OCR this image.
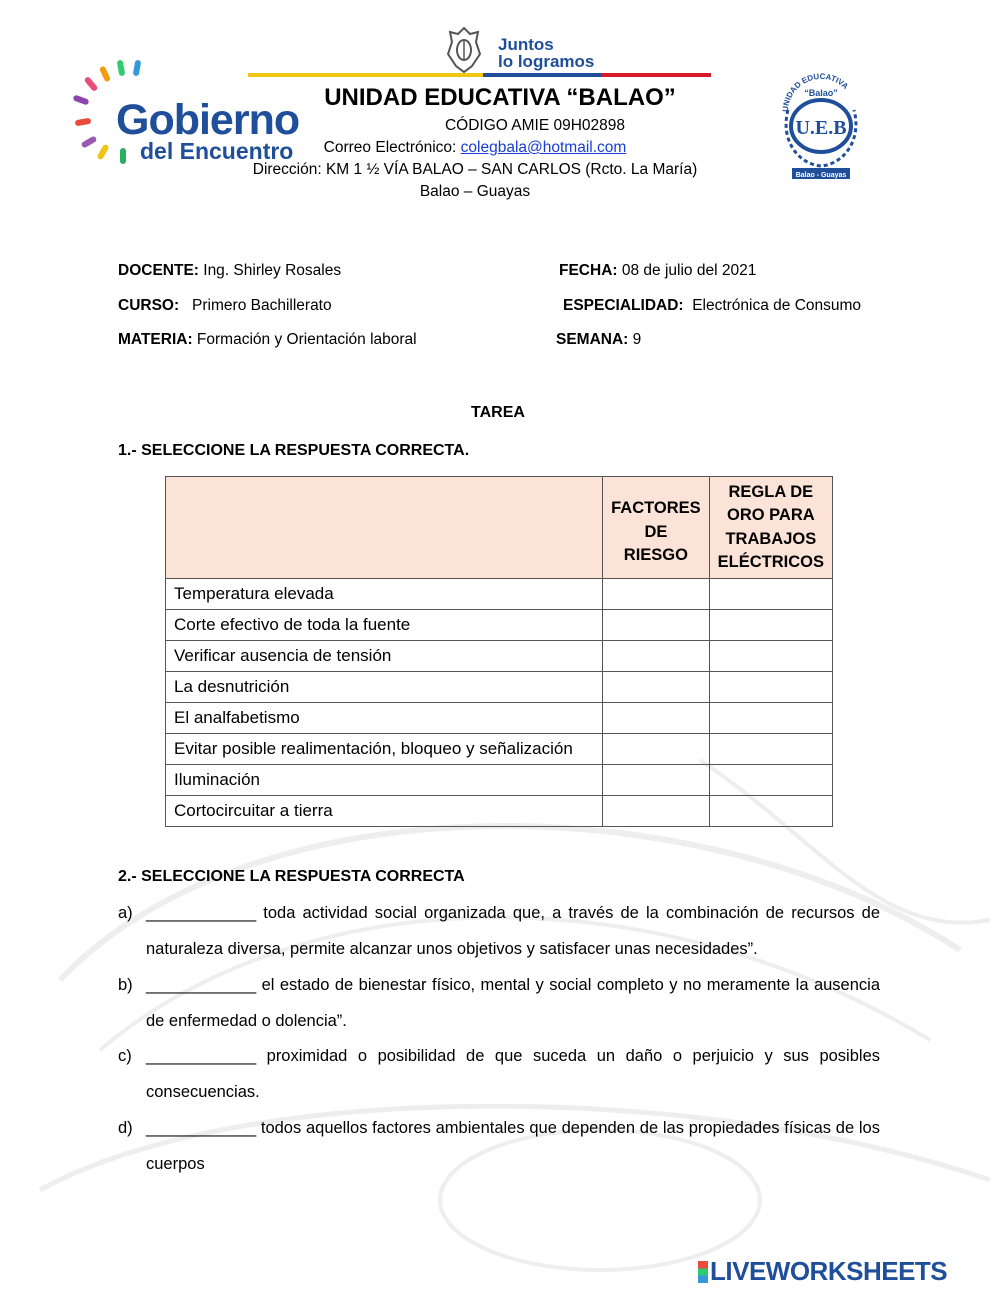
Gobierno
del Encuentro
Juntos
lo logramos
UNIDAD EDUCATIVA “BALAO”
CÓDIGO AMIE 09H02898
Correo Electrónico: colegbala@hotmail.com
Dirección: KM 1 ½ VÍA BALAO – SAN CARLOS (Rcto. La María)
Balao – Guayas
UNIDAD EDUCATIVA
“Balao”
U.E.B
Balao - Guayas
DOCENTE: Ing. Shirley Rosales	FECHA: 08 de julio del 2021
CURSO:   Primero Bachillerato	ESPECIALIDAD:  Electrónica de Consumo
MATERIA: Formación y Orientación laboral	SEMANA: 9
TAREA
1.- SELECCIONE LA RESPUESTA CORRECTA.
	FACTORES DE RIESGO	REGLA DE ORO PARA TRABAJOS ELÉCTRICOS
Temperatura elevada		
Corte efectivo de toda la fuente		
Verificar ausencia de tensión		
La desnutrición		
El analfabetismo		
Evitar posible realimentación, bloqueo y señalización		
Iluminación		
Cortocircuitar a tierra		
2.- SELECCIONE LA RESPUESTA CORRECTA
a) ____________ toda actividad social organizada que, a través de la combinación de recursos de naturaleza diversa, permite alcanzar unos objetivos y satisfacer unas necesidades”.
b) ____________ el estado de bienestar físico, mental y social completo y no meramente la ausencia de enfermedad o dolencia”.
c) ____________ proximidad o posibilidad de que suceda un daño o perjuicio y sus posibles consecuencias.
d) ____________ todos aquellos factores ambientales que dependen de las propiedades físicas de los cuerpos
LIVEWORKSHEETS
